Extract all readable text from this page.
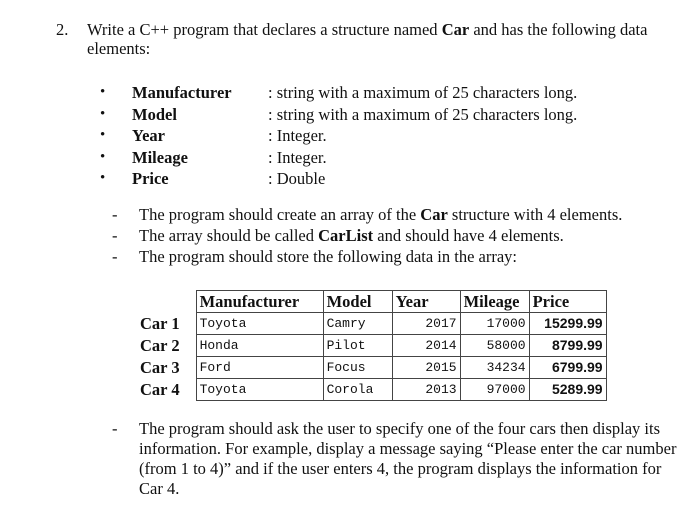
2. Write a C++ program that declares a structure named Car and has the following data elements:
• Manufacturer : string with a maximum of 25 characters long.
• Model	: string with a maximum of 25 characters long.
• Year	: Integer.
• Mileage	: Integer.
• Price	: Double
- The program should create an array of the Car structure with 4 elements.
- The array should be called CarList and should have 4 elements.
- The program should store the following data in the array:
	Manufacturer	Model	Year	Mileage	Price
Car 1	Toyota	Camry	2017	17000	15299.99
Car 2	Honda	Pilot	2014	58000	8799.99
Car 3	Ford	Focus	2015	34234	6799.99
Car 4	Toyota	Corola	2013	97000	5289.99
- The program should ask the user to specify one of the four cars then display its information. For example, display a message saying “Please enter the car number (from 1 to 4)” and if the user enters 4, the program displays the information for Car 4.
